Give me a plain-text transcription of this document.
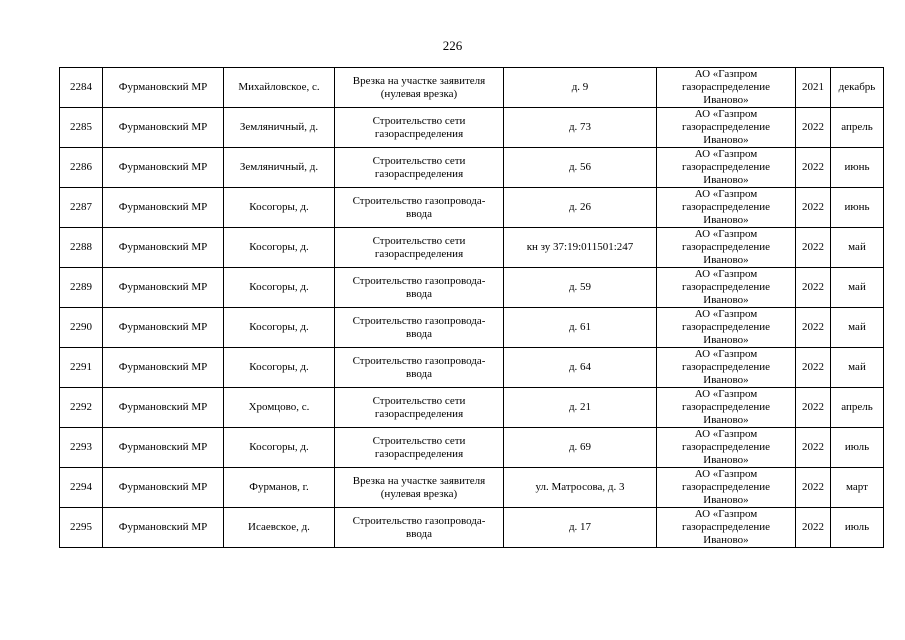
226
2284	Фурмановский МР	Михайловское, с.	Врезка на участке заявителя
(нулевая врезка)	д. 9	АО «Газпром
газораспределение
Иваново»	2021	декабрь
2285	Фурмановский МР	Земляничный, д.	Строительство сети
газораспределения	д. 73	АО «Газпром
газораспределение
Иваново»	2022	апрель
2286	Фурмановский МР	Земляничный, д.	Строительство сети
газораспределения	д. 56	АО «Газпром
газораспределение
Иваново»	2022	июнь
2287	Фурмановский МР	Косогоры, д.	Строительство газопровода-
ввода	д. 26	АО «Газпром
газораспределение
Иваново»	2022	июнь
2288	Фурмановский МР	Косогоры, д.	Строительство сети
газораспределения	кн зу 37:19:011501:247	АО «Газпром
газораспределение
Иваново»	2022	май
2289	Фурмановский МР	Косогоры, д.	Строительство газопровода-
ввода	д. 59	АО «Газпром
газораспределение
Иваново»	2022	май
2290	Фурмановский МР	Косогоры, д.	Строительство газопровода-
ввода	д. 61	АО «Газпром
газораспределение
Иваново»	2022	май
2291	Фурмановский МР	Косогоры, д.	Строительство газопровода-
ввода	д. 64	АО «Газпром
газораспределение
Иваново»	2022	май
2292	Фурмановский МР	Хромцово, с.	Строительство сети
газораспределения	д. 21	АО «Газпром
газораспределение
Иваново»	2022	апрель
2293	Фурмановский МР	Косогоры, д.	Строительство сети
газораспределения	д. 69	АО «Газпром
газораспределение
Иваново»	2022	июль
2294	Фурмановский МР	Фурманов, г.	Врезка на участке заявителя
(нулевая врезка)	ул. Матросова, д. 3	АО «Газпром
газораспределение
Иваново»	2022	март
2295	Фурмановский МР	Исаевское, д.	Строительство газопровода-
ввода	д. 17	АО «Газпром
газораспределение
Иваново»	2022	июль
